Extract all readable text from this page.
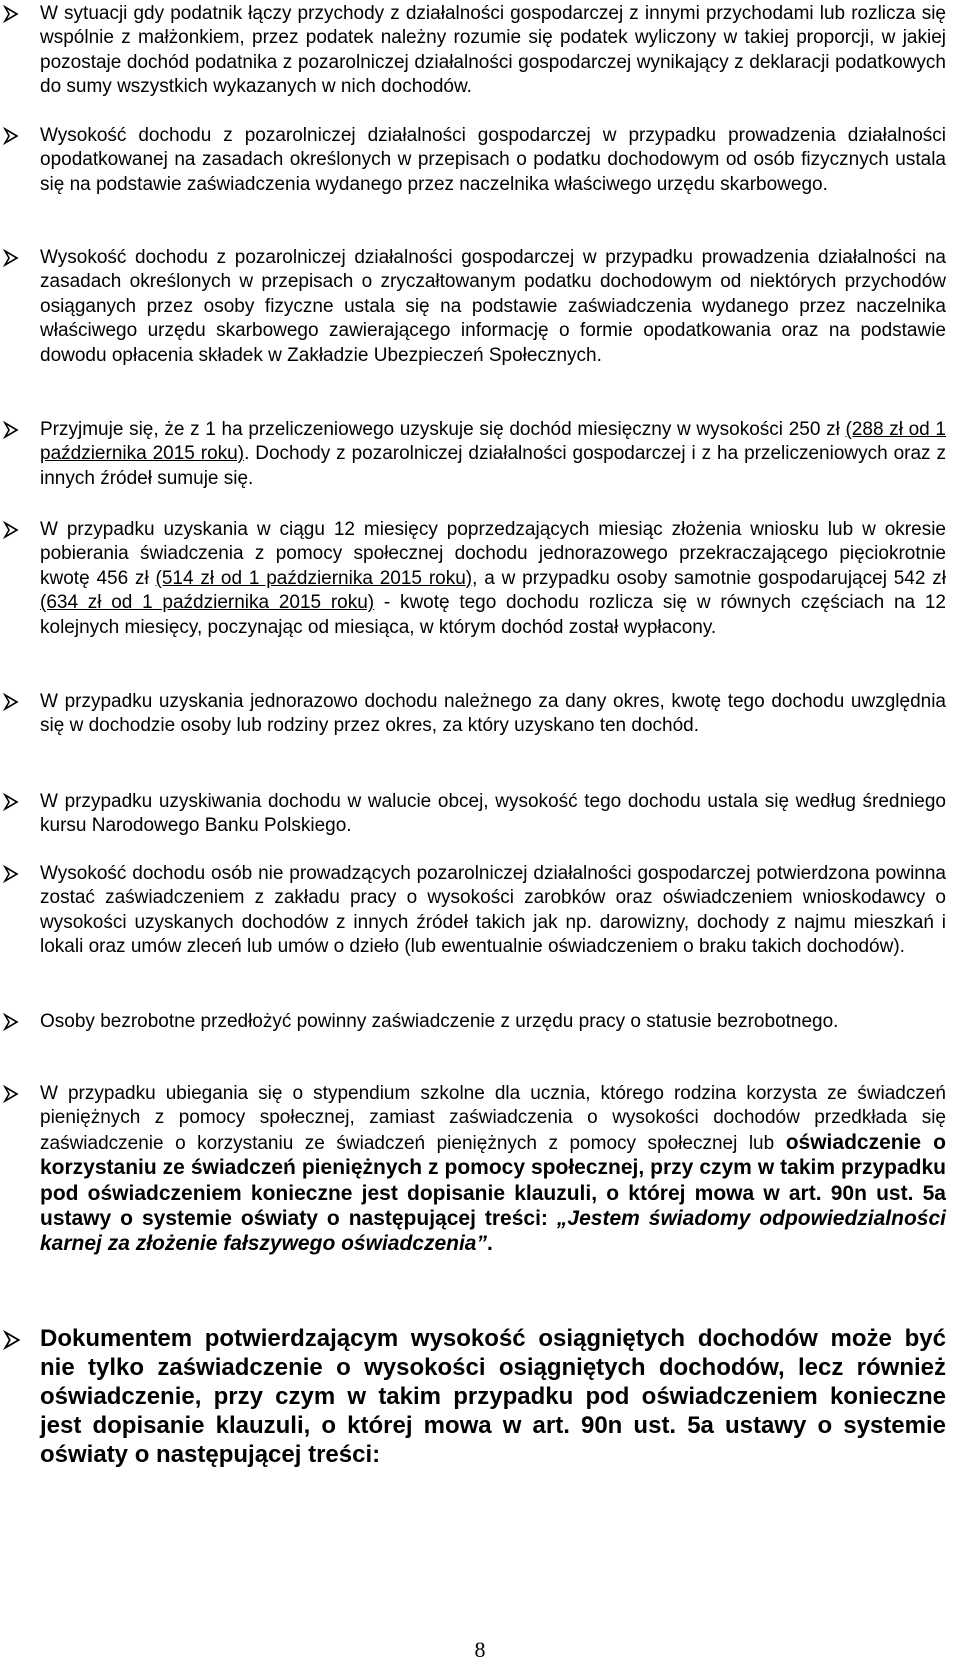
W sytuacji gdy podatnik łączy przychody z działalności gospodarczej z innymi przychodami lub rozlicza się wspólnie z małżonkiem, przez podatek należny rozumie się podatek wyliczony w takiej proporcji, w jakiej pozostaje dochód podatnika z pozarolniczej działalności gospodarczej wynikający z deklaracji podatkowych do sumy wszystkich wykazanych w nich dochodów.

Wysokość dochodu z pozarolniczej działalności gospodarczej w przypadku prowadzenia działalności opodatkowanej na zasadach określonych w przepisach o podatku dochodowym od osób fizycznych ustala się na podstawie zaświadczenia wydanego przez naczelnika właściwego urzędu skarbowego.

Wysokość dochodu z pozarolniczej działalności gospodarczej w przypadku prowadzenia działalności na zasadach określonych w przepisach o zryczałtowanym podatku dochodowym od niektórych przychodów osiąganych przez osoby fizyczne ustala się na podstawie zaświadczenia wydanego przez naczelnika właściwego urzędu skarbowego zawierającego informację o formie opodatkowania oraz na podstawie dowodu opłacenia składek w Zakładzie Ubezpieczeń Społecznych.

Przyjmuje się, że z 1 ha przeliczeniowego uzyskuje się dochód miesięczny w wysokości 250 zł (288 zł od 1 października 2015 roku). Dochody z pozarolniczej działalności gospodarczej i z ha przeliczeniowych oraz z innych źródeł sumuje się.

W przypadku uzyskania w ciągu 12 miesięcy poprzedzających miesiąc złożenia wniosku lub w okresie pobierania świadczenia z pomocy społecznej dochodu jednorazowego przekraczającego pięciokrotnie kwotę 456 zł (514 zł od 1 października 2015 roku), a w przypadku osoby samotnie gospodarującej 542 zł (634 zł od 1 października 2015 roku) - kwotę tego dochodu rozlicza się w równych częściach na 12 kolejnych miesięcy, poczynając od miesiąca, w którym dochód został wypłacony.

W przypadku uzyskania jednorazowo dochodu należnego za dany okres, kwotę tego dochodu uwzględnia się w dochodzie osoby lub rodziny przez okres, za który uzyskano ten dochód.

W przypadku uzyskiwania dochodu w walucie obcej, wysokość tego dochodu ustala się według średniego kursu Narodowego Banku Polskiego.

Wysokość dochodu osób nie prowadzących pozarolniczej działalności gospodarczej potwierdzona powinna zostać zaświadczeniem z zakładu pracy o wysokości zarobków oraz oświadczeniem wnioskodawcy o wysokości uzyskanych dochodów z innych źródeł takich jak np. darowizny, dochody z najmu mieszkań i lokali oraz umów zleceń lub umów o dzieło (lub ewentualnie oświadczeniem o braku takich dochodów).

Osoby bezrobotne przedłożyć powinny zaświadczenie z urzędu pracy o statusie bezrobotnego.

W przypadku ubiegania się o stypendium szkolne dla ucznia, którego rodzina korzysta ze świadczeń pieniężnych z pomocy społecznej, zamiast zaświadczenia o wysokości dochodów przedkłada się zaświadczenie o korzystaniu ze świadczeń pieniężnych z pomocy społecznej lub oświadczenie o korzystaniu ze świadczeń pieniężnych z pomocy społecznej, przy czym w takim przypadku pod oświadczeniem konieczne jest dopisanie klauzuli, o której mowa w art. 90n ust. 5a ustawy o systemie oświaty o następującej treści: „Jestem świadomy odpowiedzialności karnej za złożenie fałszywego oświadczenia”.

Dokumentem potwierdzającym wysokość osiągniętych dochodów może być nie tylko zaświadczenie o wysokości osiągniętych dochodów, lecz również oświadczenie, przy czym w takim przypadku pod oświadczeniem konieczne jest dopisanie klauzuli, o której mowa w art. 90n ust. 5a ustawy o systemie oświaty o następującej treści:

8
